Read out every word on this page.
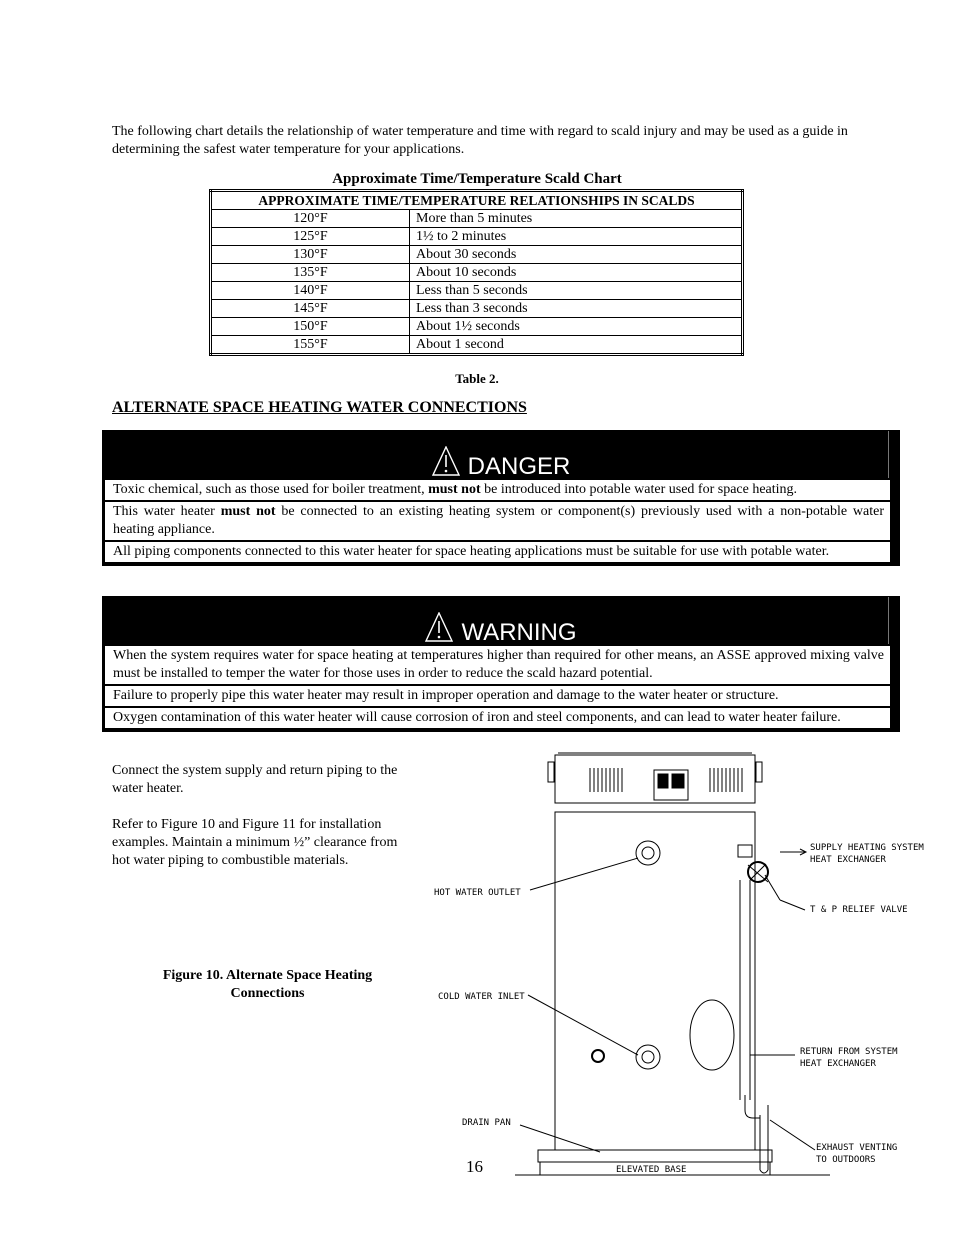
The following chart details the relationship of water temperature and time with regard to scald injury and may be used as a guide in determining the safest water temperature for your applications.
Approximate Time/Temperature Scald Chart
APPROXIMATE TIME/TEMPERATURE RELATIONSHIPS IN SCALDS	
120°F	More than 5 minutes
125°F	1½ to 2 minutes
130°F	About 30 seconds
135°F	About 10 seconds
140°F	Less than 5 seconds
145°F	Less than 3 seconds
150°F	About 1½ seconds
155°F	About 1 second
Table 2.
ALTERNATE SPACE HEATING WATER CONNECTIONS
DANGER
Toxic chemical, such as those used for boiler treatment, must not be introduced into potable water used for space heating.
This water heater must not be connected to an existing heating system or component(s) previously used with a non-potable water heating appliance.
All piping components connected to this water heater for space heating applications must be suitable for use with potable water.
WARNING
When the system requires water for space heating at temperatures higher than required for other means, an ASSE approved mixing valve must be installed to temper the water for those uses in order to reduce the scald hazard potential.
Failure to properly pipe this water heater may result in improper operation and damage to the water heater or structure.
Oxygen contamination of this water heater will cause corrosion of iron and steel components, and can lead to water heater failure.

Connect the system supply and return piping to the water heater.

Refer to Figure 10 and Figure 11 for installation examples. Maintain a minimum ½” clearance from hot water piping to combustible materials.

Figure 10. Alternate Space Heating
Connections
SUPPLY HEATING SYSTEM
HEAT EXCHANGER
T & P RELIEF VALVE
HOT WATER OUTLET
COLD WATER INLET
RETURN FROM SYSTEM
HEAT EXCHANGER
DRAIN PAN
EXHAUST VENTING
TO OUTDOORS
ELEVATED BASE
16
